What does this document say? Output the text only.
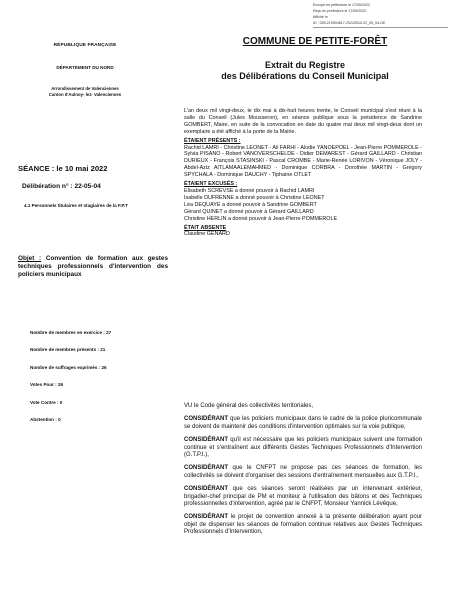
Envoyé en préfecture le 17/05/2022
Reçu en préfecture le 17/05/2022
Affiché le
ID : 059-215904617-20220510-22_05_04-DE
RÉPUBLIQUE FRANÇAISE
DÉPARTEMENT DU NORD
Arrondissement de Valenciennes
Canton d'Aulnoy- lez- Valenciennes
COMMUNE DE PETITE-FORÊT
Extrait du Registre
des Délibérations du Conseil Municipal
SÉANCE : le 10 mai 2022
Délibération n° : 22-05-04
4.1 Personnels titulaires et stagiaires de la F.P.T
Objet : Convention de formation aux gestes techniques professionnels d'intervention des policiers municipaux
Nombre de membres en exercice : 27
Nombre de membres présents : 21
Nombre de suffrages exprimés : 26
Votes Pour : 26
Vote Contre : 0
Abstention : 0
L'an deux mil vingt-deux, le dix mai à dix-huit heures trente, le Conseil municipal s'est réuni à la salle du Conseil (Jules Mousseron), en séance publique sous la présidence de Sandrine GOMBERT, Maire, en suite de la convocation en date du quatre mai deux mil vingt-deux dont un exemplaire a été affiché à la porte de la Mairie.
ÉTAIENT PRÉSENTS :
Rachid LAMRI - Christine LEONET - Ali FARHI - Alodie YANOEPOEL - Jean-Pierre POMMEROLE - Sylvia PISANO - Robert VANOVERSCHELDE - Didier DEMAREST - Gérard GAILLARD - Christian DURIEUX - François STASINSKI - Pascal CROMBE - Marie-Renée LORIVON - Véronique JOLY - Abdel-Aziz AITLAMAALEMAHMED - Dominique CORBRA - Dorothée MARTIN - Grégory SPYCHALA - Dominique DAUCHY - Tiphaine OTLET
ÉTAIENT EXCUSÉS :
Elisabeth SCREVSE a donné pouvoir à Rachid LAMRI
Isabelle DUFRENNE a donné pouvoir à Christine LEONET
Léa DEQUAYE a donné pouvoir à Sandrine GOMBERT
Gérard QUINET a donné pouvoir à Gérard GAILLARD
Christine HERLIN a donné pouvoir à Jean-Pierre POMMEROLE
ÉTAIT ABSENTE
Claudine GENARD

VU le Code général des collectivités territoriales,

CONSIDÉRANT que les policiers municipaux dans le cadre de la police pluricommunale se doivent de maintenir des conditions d'intervention optimales sur la voie publique,

CONSIDÉRANT qu'il est nécessaire que les policiers municipaux suivent une formation continue et s'entraînent aux différents Gestes Techniques Professionnels d'Intervention (G.T.P.I.),

CONSIDÉRANT que le CNFPT ne propose pas ces séances de formation, les collectivités se doivent d'organiser des sessions d'entraînement mensuelles aux G.T.P.I.,

CONSIDÉRANT que ces séances seront réalisées par un intervenant extérieur, brigadier-chef principal de PM et moniteur à l'utilisation des bâtons et des Techniques professionnelles d'intervention, agréé par le CNFPT, Monsieur Yannick Lévêque,

CONSIDÉRANT le projet de convention annexé à la présente délibération ayant pour objet de dispenser les séances de formation continue relatives aux Gestes Techniques Professionnels d'Intervention,
